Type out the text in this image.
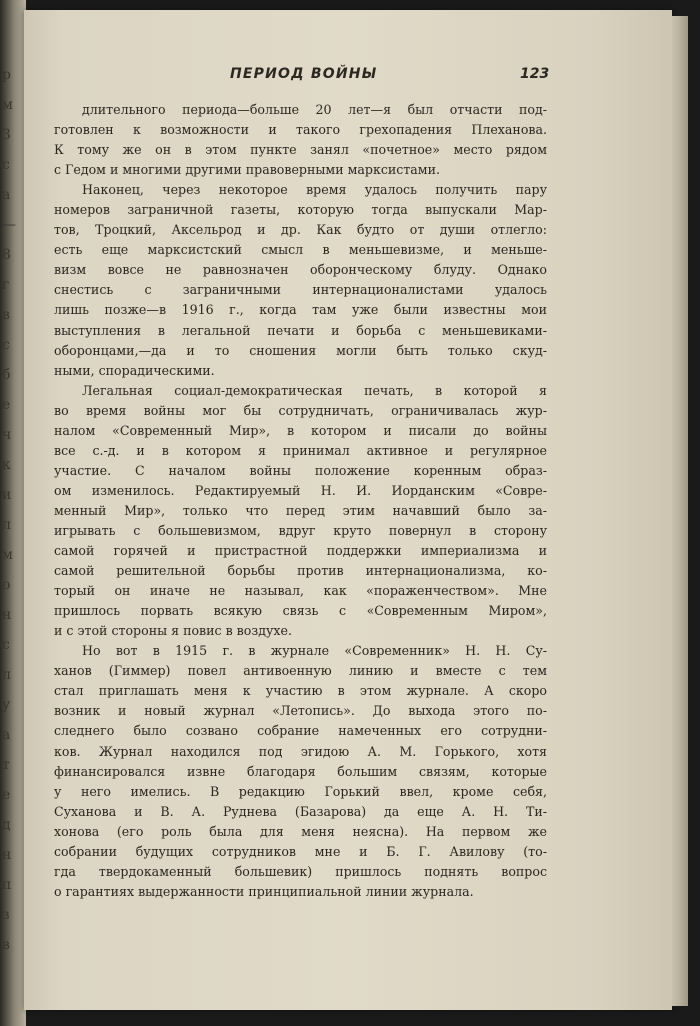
р
м
3
с
а
—
8
г
в
с
б
е
ч
к
и
л
м
о
н
с
л
у
а
т
е
д
н
п
з
в
ПЕРИОД ВОЙНЫ	123
длительного периода—больше 20 лет—я был отчасти под-
готовлен к возможности и такого грехопадения Плеханова.
К тому же он в этом пункте занял «почетное» место рядом
с Гедом и многими другими правоверными марксистами.
Наконец, через некоторое время удалось получить пару
номеров заграничной газеты, которую тогда выпускали Мар-
тов, Троцкий, Аксельрод и др. Как будто от души отлегло:
есть еще марксистский смысл в меньшевизме, и меньше-
визм вовсе не равнозначен оборонческому блуду. Однако
снестись с заграничными интернационалистами удалось
лишь позже—в 1916 г., когда там уже были известны мои
выступления в легальной печати и борьба с меньшевиками-
оборонцами,—да и то сношения могли быть только скуд-
ными, спорадическими.
Легальная социал-демократическая печать, в которой я
во время войны мог бы сотрудничать, ограничивалась жур-
налом «Современный Мир», в котором и писали до войны
все с.-д. и в котором я принимал активное и регулярное
участие. С началом войны положение коренным образ-
ом изменилось. Редактируемый Н. И. Иорданским «Совре-
менный Мир», только что перед этим начавший было за-
игрывать с большевизмом, вдруг круто повернул в сторону
самой горячей и пристрастной поддержки империализма и
самой решительной борьбы против интернационализма, ко-
торый он иначе не называл, как «пораженчеством». Мне
пришлось порвать всякую связь с «Современным Миром»,
и с этой стороны я повис в воздухе.
Но вот в 1915 г. в журнале «Современник» Н. Н. Су-
ханов (Гиммер) повел антивоенную линию и вместе с тем
стал приглашать меня к участию в этом журнале. А скоро
возник и новый журнал «Летопись». До выхода этого по-
следнего было созвано собрание намеченных его сотрудни-
ков. Журнал находился под эгидою А. М. Горького, хотя
финансировался извне благодаря большим связям, которые
у него имелись. В редакцию Горький ввел, кроме себя,
Суханова и В. А. Руднева (Базарова) да еще А. Н. Ти-
хонова (его роль была для меня неясна). На первом же
собрании будущих сотрудников мне и Б. Г. Авилову (то-
гда твердокаменный большевик) пришлось поднять вопрос
о гарантиях выдержанности принципиальной линии журнала.
